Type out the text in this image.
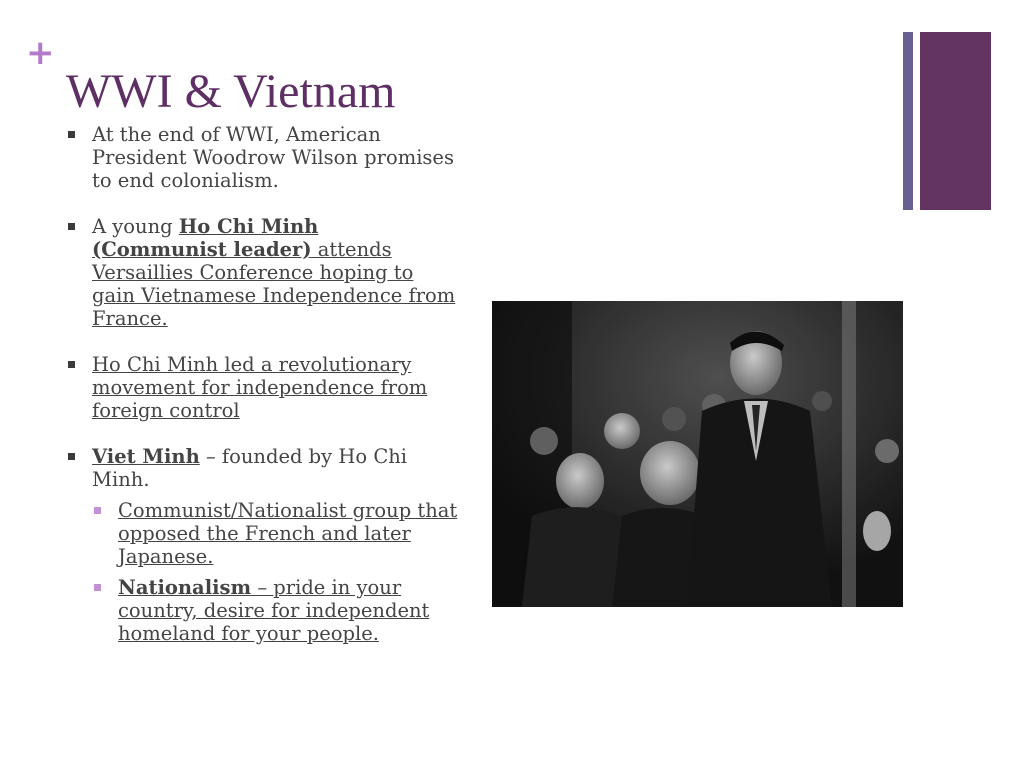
+
WWI & Vietnam
At the end of WWI, American President Woodrow Wilson promises to end colonialism.
A young Ho Chi Minh (Communist leader) attends Versaillies Conference hoping to gain Vietnamese Independence from France.
Ho Chi Minh led a revolutionary movement for independence from foreign control
Viet Minh – founded by Ho Chi Minh.
Communist/Nationalist group that opposed the French and later Japanese.
Nationalism – pride in your country, desire for independent homeland for your people.
